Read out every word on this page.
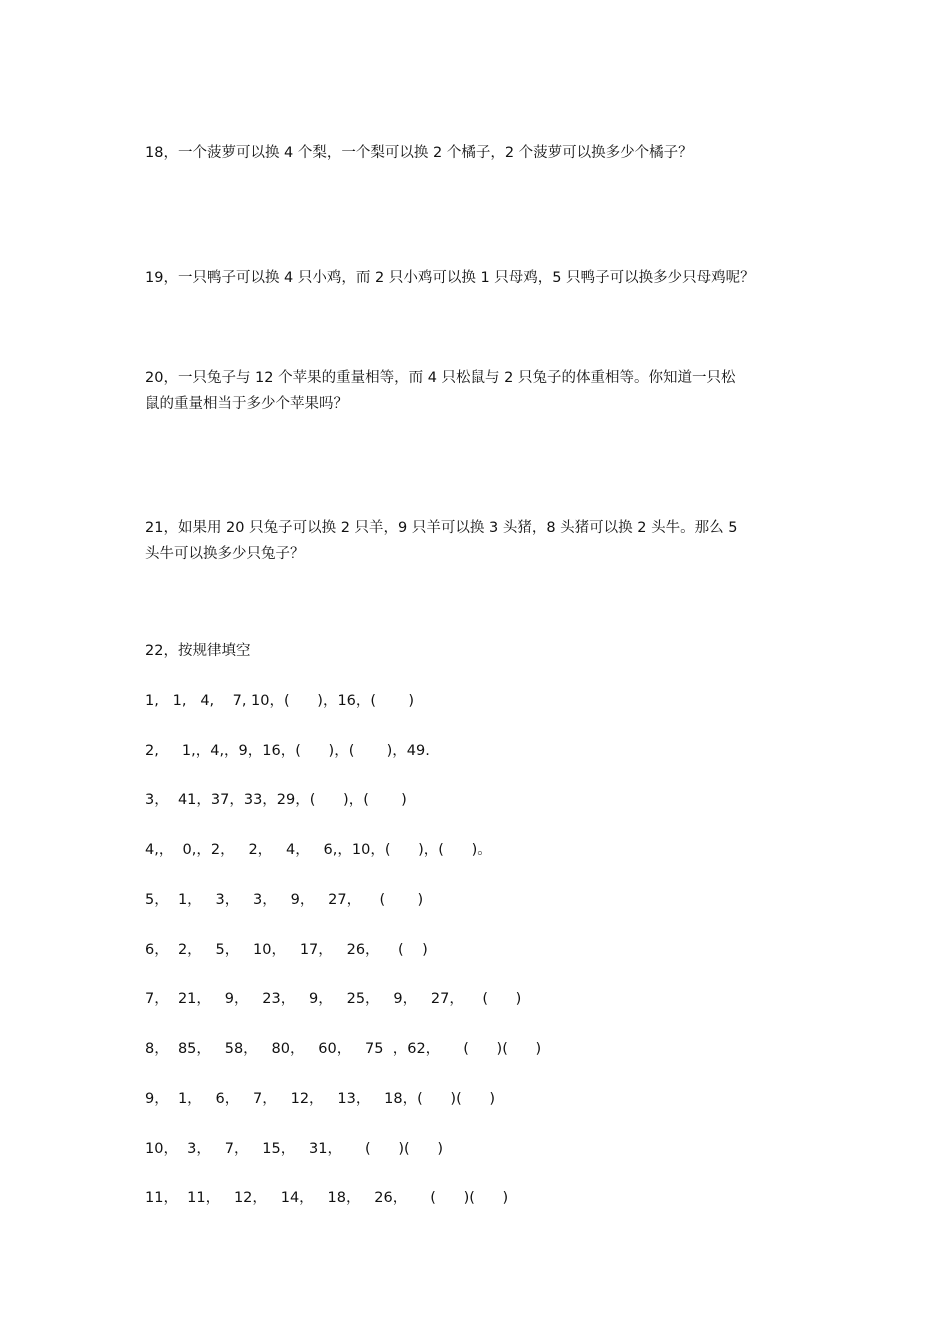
18，一个菠萝可以换 4 个梨，一个梨可以换 2 个橘子，2 个菠萝可以换多少个橘子？
19，一只鸭子可以换 4 只小鸡，而 2 只小鸡可以换 1 只母鸡，5 只鸭子可以换多少只母鸡呢？
20，一只兔子与 12 个苹果的重量相等，而 4 只松鼠与 2 只兔子的体重相等。你知道一只松
鼠的重量相当于多少个苹果吗？
21，如果用 20 只兔子可以换 2 只羊，9 只羊可以换 3 头猪，8 头猪可以换 2 头牛。那么 5
头牛可以换多少只兔子？
22，按规律填空
1,   1,   4,    7, 10，(      )，16，(       )
2,     1,，4,，9，16，(      )，(       )，49.
3，  41，37，33，29，(      )，(       )
4,，  0,，2，   2，   4，   6,，10，(      )，(      )。
5，  1，   3，   3，   9，   27，    (       )
6，  2，   5，   10，   17，   26，    (    )
7，  21，   9，   23，   9，   25，   9，   27，    (      )
8，  85，   58，   80，   60，   75  ，62，     (      )(      )
9，  1，   6，   7，   12，   13，   18，(      )(      )
10，  3，   7，   15，   31，     (      )(      )
11，  11，   12，   14，   18，   26，     (      )(      )
